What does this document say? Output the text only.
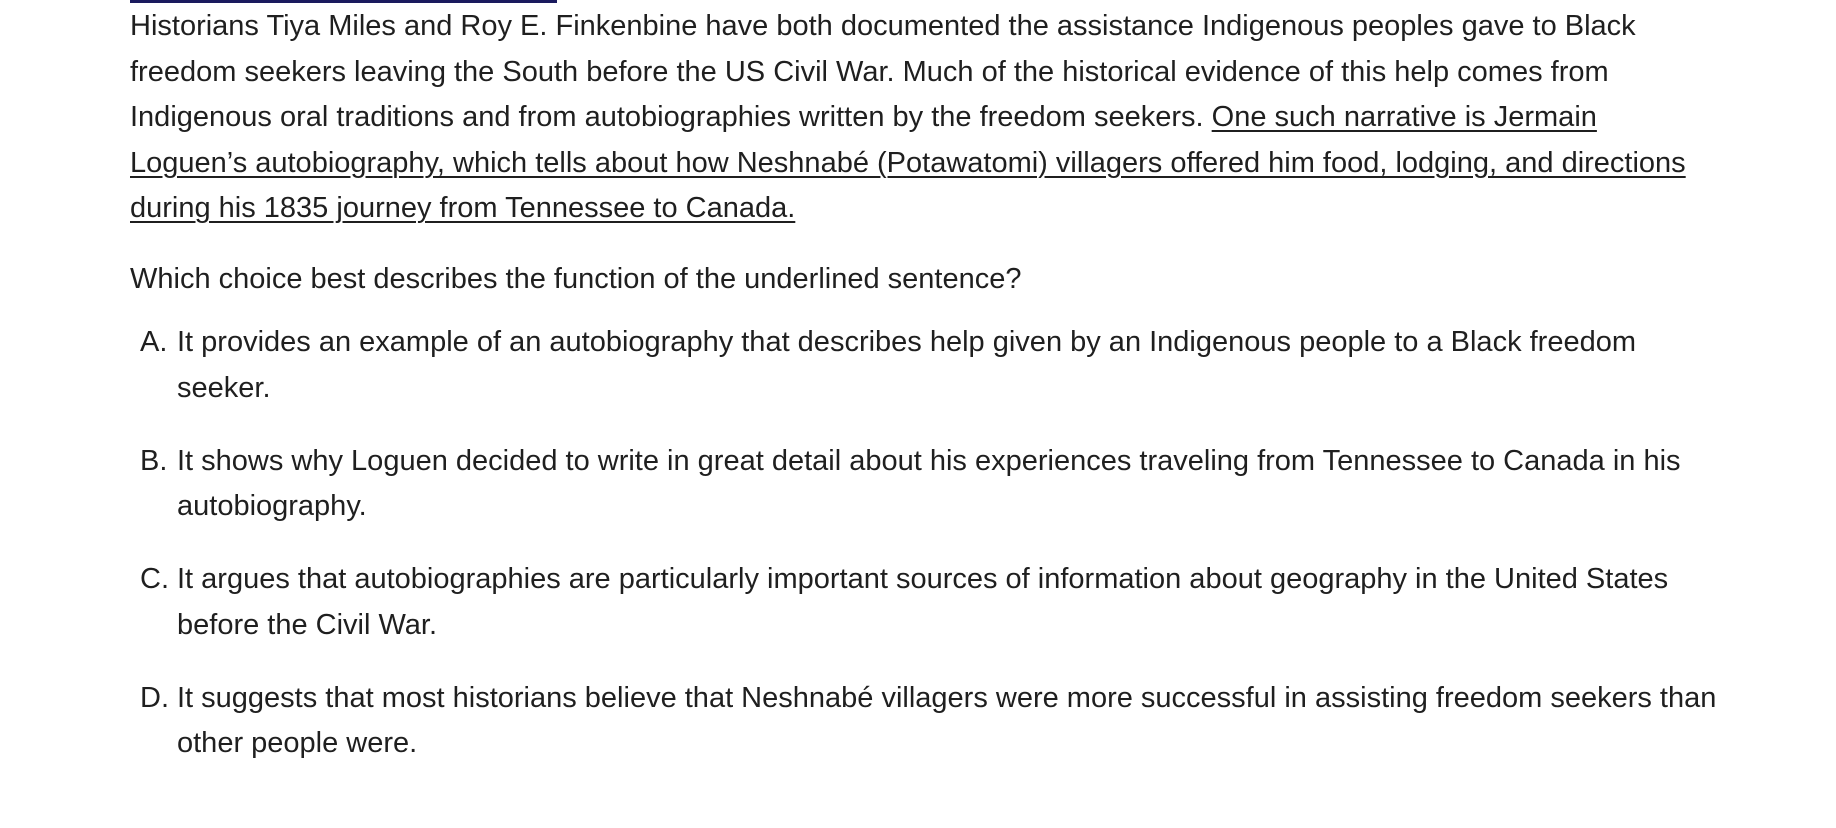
Historians Tiya Miles and Roy E. Finkenbine have both documented the assistance Indigenous peoples gave to Black freedom seekers leaving the South before the US Civil War. Much of the historical evidence of this help comes from Indigenous oral traditions and from autobiographies written by the freedom seekers. One such narrative is Jermain Loguen’s autobiography, which tells about how Neshnabé (Potawatomi) villagers offered him food, lodging, and directions during his 1835 journey from Tennessee to Canada.

Which choice best describes the function of the underlined sentence?

A. It provides an example of an autobiography that describes help given by an Indigenous people to a Black freedom seeker.
B. It shows why Loguen decided to write in great detail about his experiences traveling from Tennessee to Canada in his autobiography.
C. It argues that autobiographies are particularly important sources of information about geography in the United States before the Civil War.
D. It suggests that most historians believe that Neshnabé villagers were more successful in assisting freedom seekers than other people were.
